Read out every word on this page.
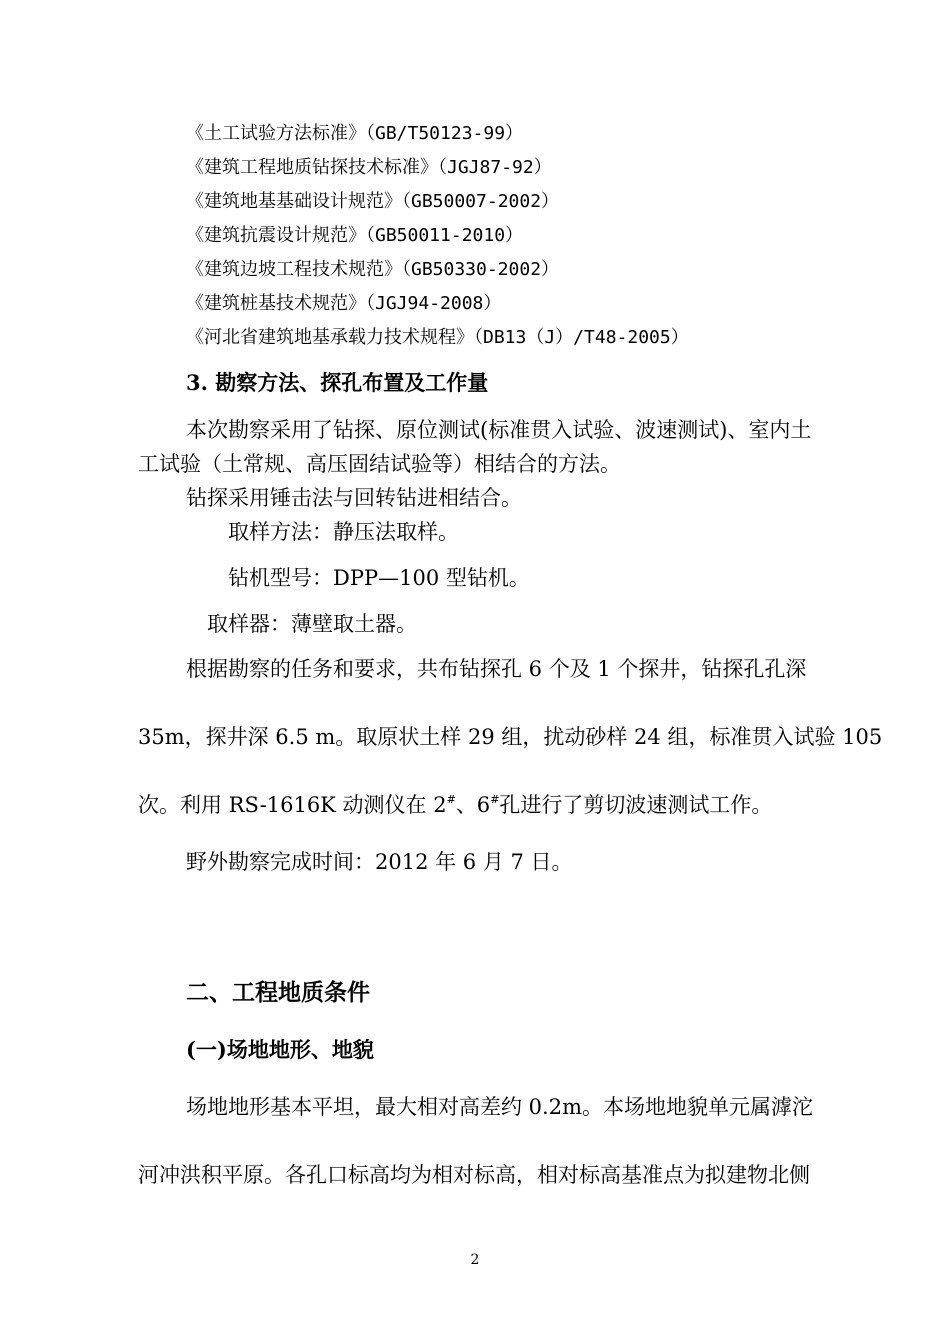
《土工试验方法标准》（GB/T50123-99）
《建筑工程地质钻探技术标准》（JGJ87-92）
《建筑地基基础设计规范》（GB50007-2002）
《建筑抗震设计规范》（GB50011-2010）
《建筑边坡工程技术规范》（GB50330-2002）
《建筑桩基技术规范》（JGJ94-2008）
《河北省建筑地基承载力技术规程》（DB13（J）/T48-2005）
3. 勘察方法、探孔布置及工作量
本次勘察采用了钻探、原位测试(标准贯入试验、波速测试)、室内土
工试验（土常规、高压固结试验等）相结合的方法。
钻探采用锤击法与回转钻进相结合。
取样方法：静压法取样。
钻机型号：DPP—100 型钻机。
取样器：薄壁取土器。
根据勘察的任务和要求，共布钻探孔 6 个及 1 个探井，钻探孔孔深
35m，探井深 6.5 m。取原状土样 29 组，扰动砂样 24 组，标准贯入试验 105
次。利用 RS-1616K 动测仪在 2#、6#孔进行了剪切波速测试工作。
野外勘察完成时间：2012 年 6 月 7 日。
二、工程地质条件
(一)场地地形、地貌
场地地形基本平坦，最大相对高差约 0.2m。本场地地貌单元属滹沱
河冲洪积平原。各孔口标高均为相对标高，相对标高基准点为拟建物北侧
2
